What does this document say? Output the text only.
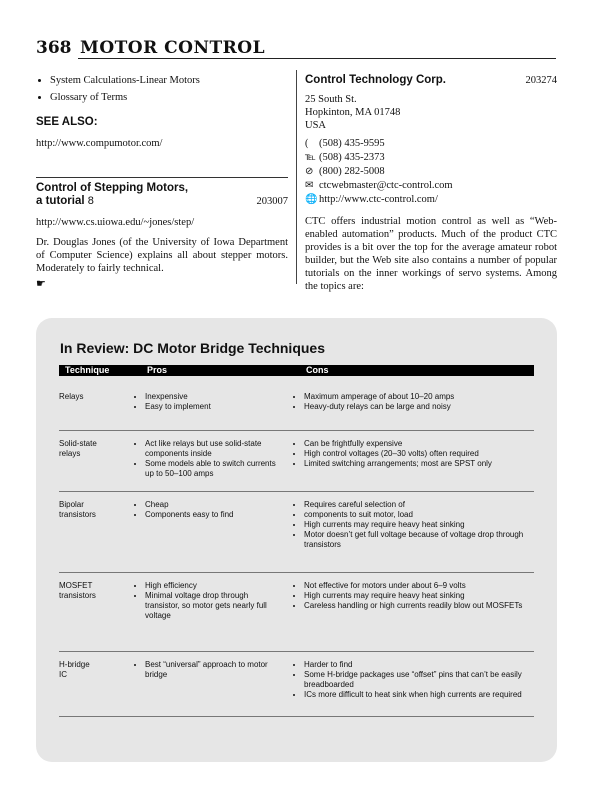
368 MOTOR CONTROL
• System Calculations-Linear Motors
• Glossary of Terms
SEE ALSO:

http://www.compumotor.com/

Control of Stepping Motors,
a tutorial 8	203007

http://www.cs.uiowa.edu/~jones/step/

Dr. Douglas Jones (of the University of Iowa Department of Computer Science) explains all about stepper motors. Moderately to fairly technical.

☛
Control Technology Corp.	203274
25 South St.
Hopkinton, MA 01748
USA
(	(508) 435-9595
℡ (508) 435-2373
⊘ (800) 282-5008
✉ ctcwebmaster@ctc-control.com
🌐 http://www.ctc-control.com/

CTC offers industrial motion control as well as “Web-enabled automation” products. Much of the product CTC provides is a bit over the top for the average amateur robot builder, but the Web site also contains a number of popular tutorials on the inner workings of servo systems. Among the topics are:

In Review: DC Motor Bridge Techniques
Technique	Pros	Cons
Relays
•	Inexpensive
• Easy to implement
• Maximum amperage of about 10–20 amps
• Heavy-duty relays can be large and noisy
Solid-state
relays
• Act like relays but use solid-state components inside
• Some models able to switch currents up to 50–100 amps
• Can be frightfully expensive
• High control voltages (20–30 volts) often required
• Limited switching arrangements; most are SPST only
Bipolar
transistors
• Cheap
• Components easy to find
• Requires careful selection of
• components to suit motor, load
• High currents may require heavy heat sinking
• Motor doesn’t get full voltage because of voltage drop through transistors
MOSFET
transistors
• High efficiency
• Minimal voltage drop through transistor, so motor gets nearly full voltage
• Not effective for motors under about 6–9 volts
• High currents may require heavy heat sinking
• Careless handling or high currents readily blow out MOSFETs
H-bridge
IC
• Best “universal” approach to motor bridge
• Harder to find
• Some H-bridge packages use “offset” pins that can’t be easily breadboarded
• ICs more difficult to heat sink when high currents are required
